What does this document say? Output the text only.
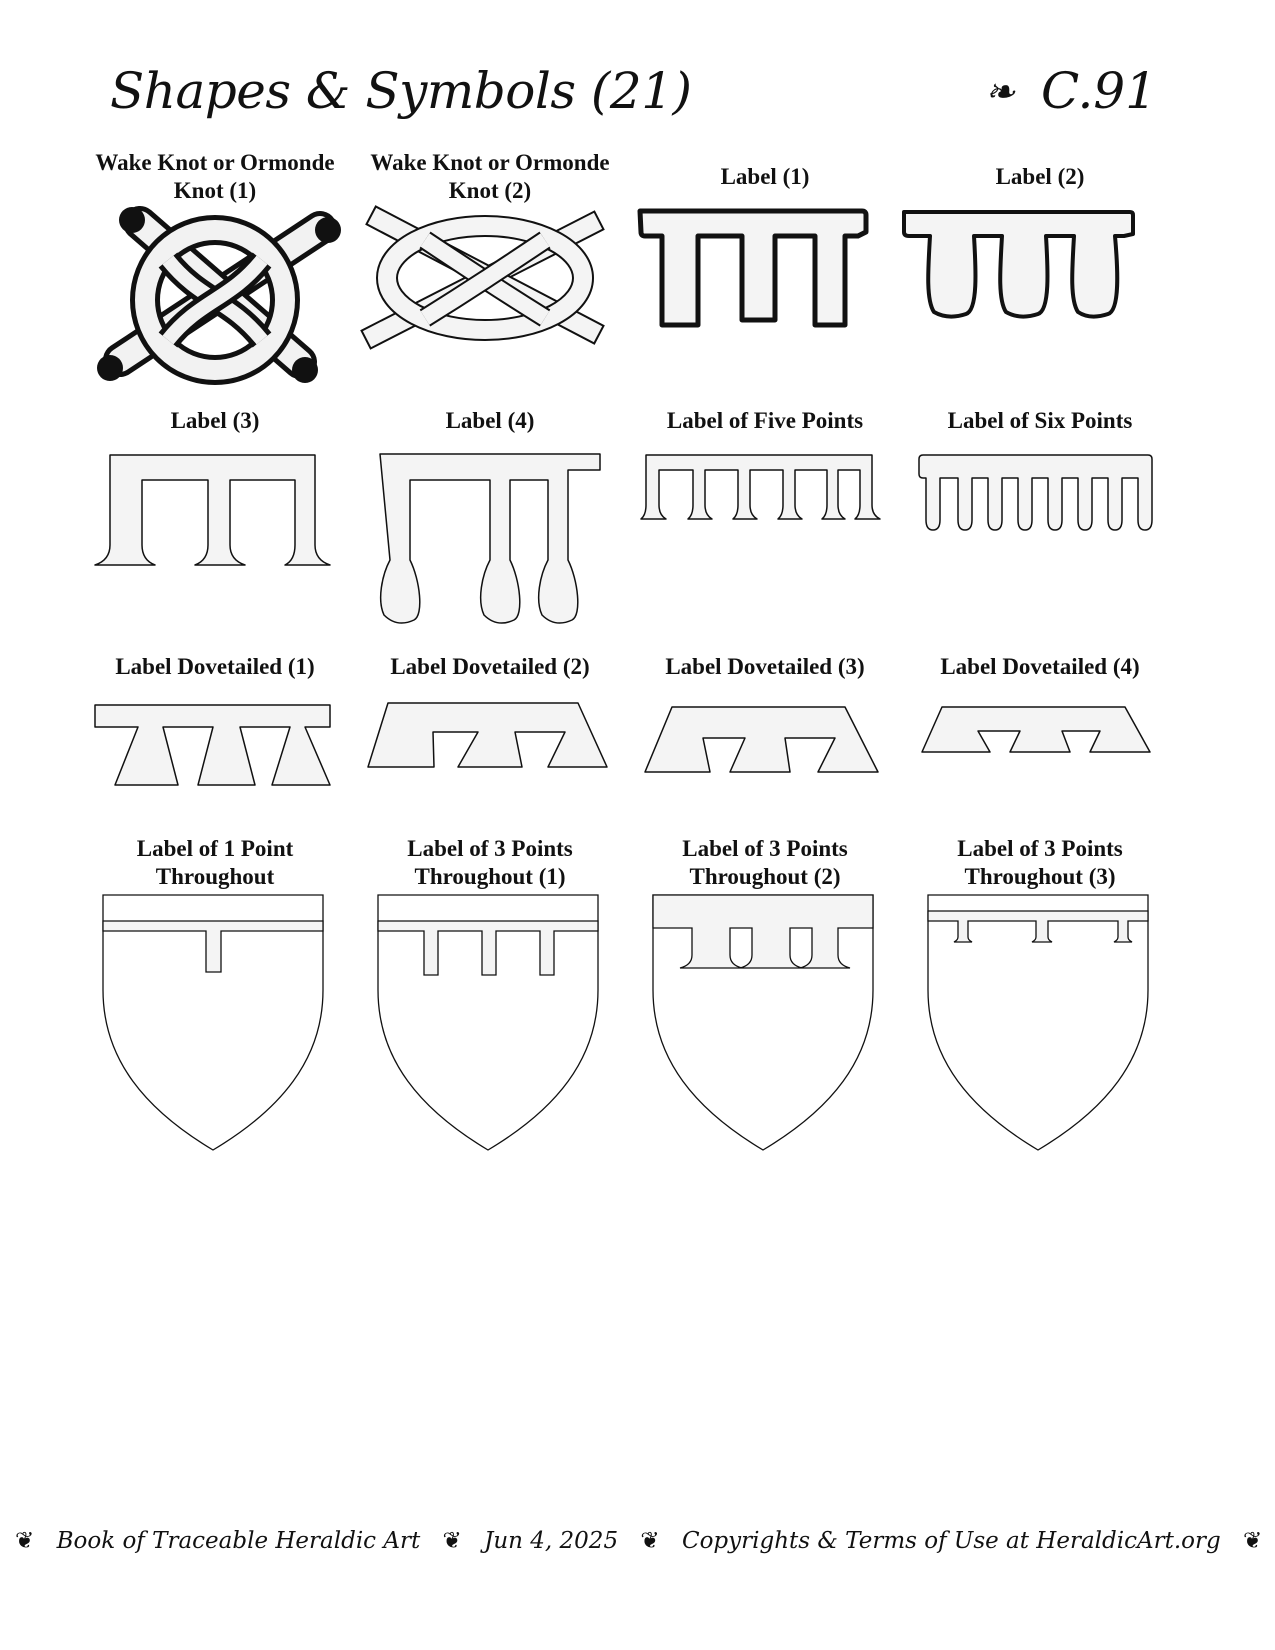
Shapes & Symbols (21)	❧ C.91
Wake Knot or Ormonde Knot (1)
Wake Knot or Ormonde Knot (2)
Label (1)	Label (2)
Label (3)	Label (4)	Label of Five Points	Label of Six Points
Label Dovetailed (1)	Label Dovetailed (2)	Label Dovetailed (3)	Label Dovetailed (4)
Label of 1 Point Throughout
Label of 3 Points Throughout (1)
Label of 3 Points Throughout (2)
Label of 3 Points Throughout (3)
❦ Book of Traceable Heraldic Art ❦ Jun 4, 2025 ❦ Copyrights & Terms of Use at HeraldicArt.org ❦
